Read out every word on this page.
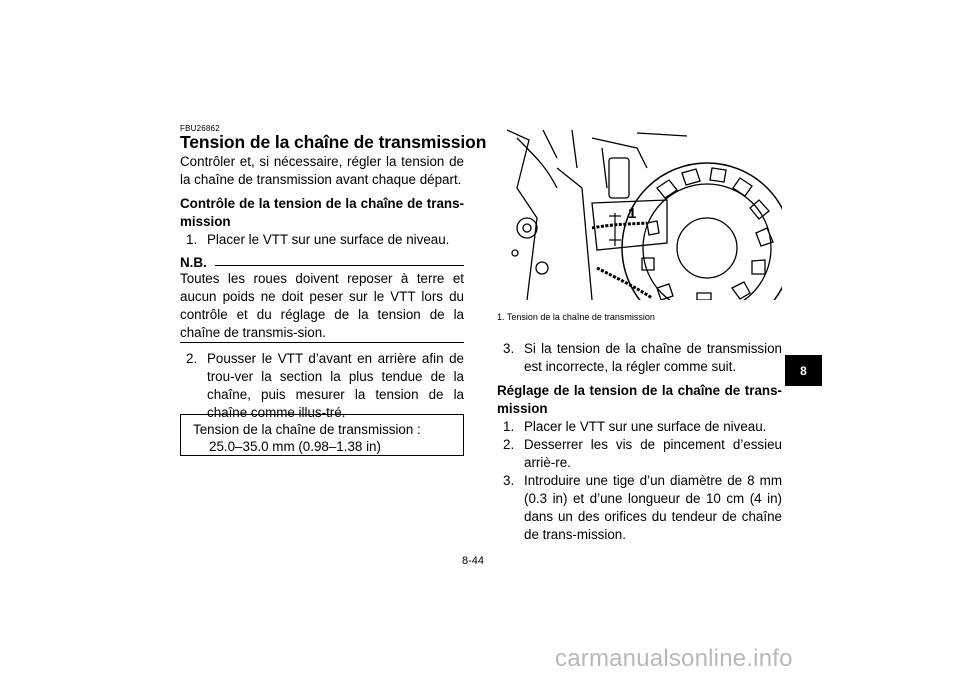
FBU26862
Tension de la chaîne de transmission
Contrôler et, si nécessaire, régler la tension de la chaîne de transmission avant chaque départ.
Contrôle de la tension de la chaîne de trans-mission
1. Placer le VTT sur une surface de niveau.
N.B.
Toutes les roues doivent reposer à terre et aucun poids ne doit peser sur le VTT lors du contrôle et du réglage de la tension de la chaîne de transmis-sion.
2. Pousser le VTT d’avant en arrière afin de trou-ver la section la plus tendue de la chaîne, puis mesurer la tension de la chaîne comme illus-tré.
Tension de la chaîne de transmission :
25.0–35.0 mm (0.98–1.38 in)
1
1. Tension de la chaîne de transmission
3. Si la tension de la chaîne de transmission est incorrecte, la régler comme suit.
Réglage de la tension de la chaîne de trans-mission
1. Placer le VTT sur une surface de niveau.
2. Desserrer les vis de pincement d’essieu arriè-re.
3. Introduire une tige d’un diamètre de 8 mm (0.3 in) et d’une longueur de 10 cm (4 in) dans un des orifices du tendeur de chaîne de trans-mission.
8
8-44
carmanualsonline.info
